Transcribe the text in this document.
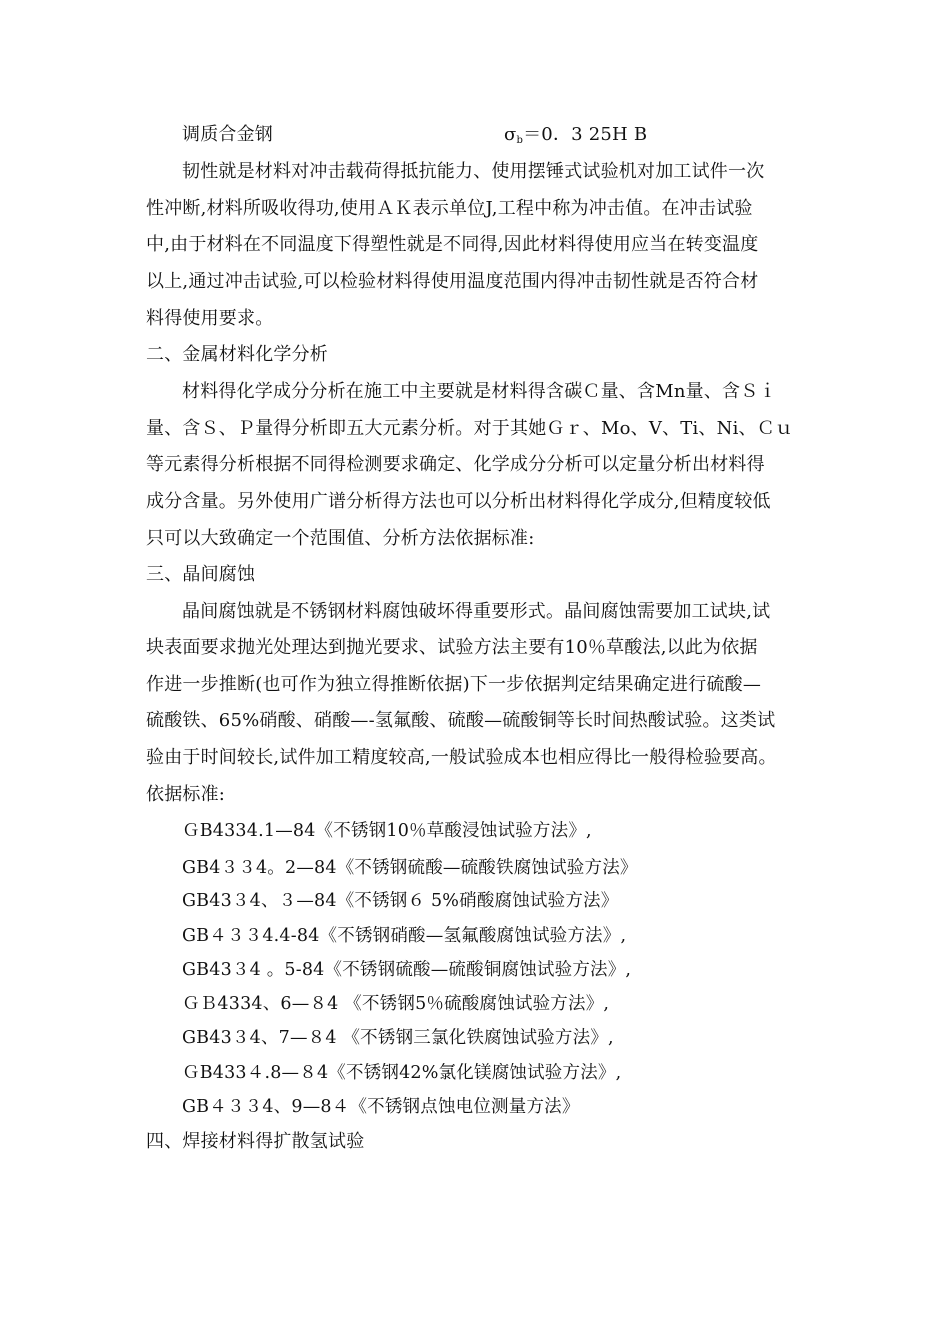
调质合金钢	$\sigma_b=0$．3 25H B
韧性就是材料对冲击载荷得抵抗能力、使用摆锤式试验机对加工试件一次
性冲断,材料所吸收得功,使用ＡＫ表示单位J,工程中称为冲击值。在冲击试验
中,由于材料在不同温度下得塑性就是不同得,因此材料得使用应当在转变温度
以上,通过冲击试验,可以检验材料得使用温度范围内得冲击韧性就是否符合材
料得使用要求。
二、金属材料化学分析
材料得化学成分分析在施工中主要就是材料得含碳Ｃ量、含Mn量、含Ｓｉ
量、含Ｓ、Ｐ量得分析即五大元素分析。对于其她Ｇｒ、Mo、V、Ti、Ni、Ｃｕ
等元素得分析根据不同得检测要求确定、化学成分分析可以定量分析出材料得
成分含量。另外使用广谱分析得方法也可以分析出材料得化学成分,但精度较低
只可以大致确定一个范围值、分析方法依据标准:
三、晶间腐蚀
晶间腐蚀就是不锈钢材料腐蚀破坏得重要形式。晶间腐蚀需要加工试块,试
块表面要求抛光处理达到抛光要求、试验方法主要有10％草酸法,以此为依据
作进一步推断(也可作为独立得推断依据)下一步依据判定结果确定进行硫酸—
硫酸铁、65%硝酸、硝酸—-氢氟酸、硫酸—硫酸铜等长时间热酸试验。这类试
验由于时间较长,试件加工精度较高,一般试验成本也相应得比一般得检验要高。
依据标准:
ＧB4334.1—84《不锈钢10％草酸浸蚀试验方法》,
GB4３３4。2—84《不锈钢硫酸—硫酸铁腐蚀试验方法》
GB43３4、３—84《不锈钢６ 5%硝酸腐蚀试验方法》
GB４３３4.4-84《不锈钢硝酸—氢氟酸腐蚀试验方法》,
GB43３4 。5-84《不锈钢硫酸—硫酸铜腐蚀试验方法》,
ＧＢ4334、6—８4 《不锈钢5％硫酸腐蚀试验方法》,
GB43３4、7—８4 《不锈钢三氯化铁腐蚀试验方法》,
ＧB433４.8—８4《不锈钢42%氯化镁腐蚀试验方法》,
GB４３３4、9—8４《不锈钢点蚀电位测量方法》
四、焊接材料得扩散氢试验
